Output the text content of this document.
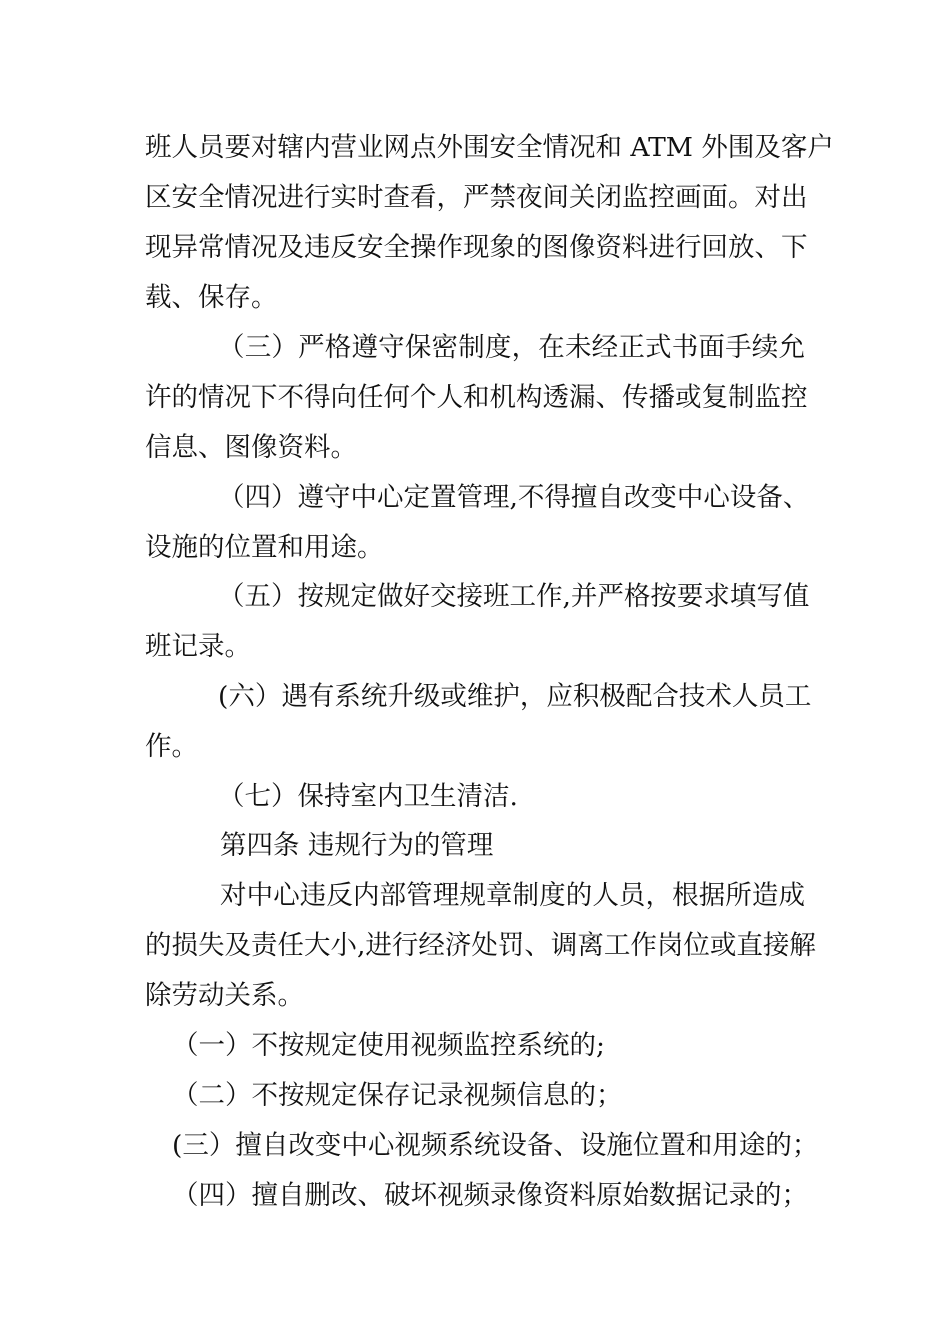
班人员要对辖内营业网点外围安全情况和 ATM 外围及客户
区安全情况进行实时查看，严禁夜间关闭监控画面。对出
现异常情况及违反安全操作现象的图像资料进行回放、下
载、保存。
（三）严格遵守保密制度，在未经正式书面手续允
许的情况下不得向任何个人和机构透漏、传播或复制监控
信息、图像资料。
（四）遵守中心定置管理,不得擅自改变中心设备、
设施的位置和用途。
（五）按规定做好交接班工作,并严格按要求填写值
班记录。
(六）遇有系统升级或维护，应积极配合技术人员工
作。
（七）保持室内卫生清洁.
第四条 违规行为的管理
对中心违反内部管理规章制度的人员，根据所造成
的损失及责任大小,进行经济处罚、调离工作岗位或直接解
除劳动关系。
（一）不按规定使用视频监控系统的;
（二）不按规定保存记录视频信息的；
(三）擅自改变中心视频系统设备、设施位置和用途的；
（四）擅自删改、破坏视频录像资料原始数据记录的；
